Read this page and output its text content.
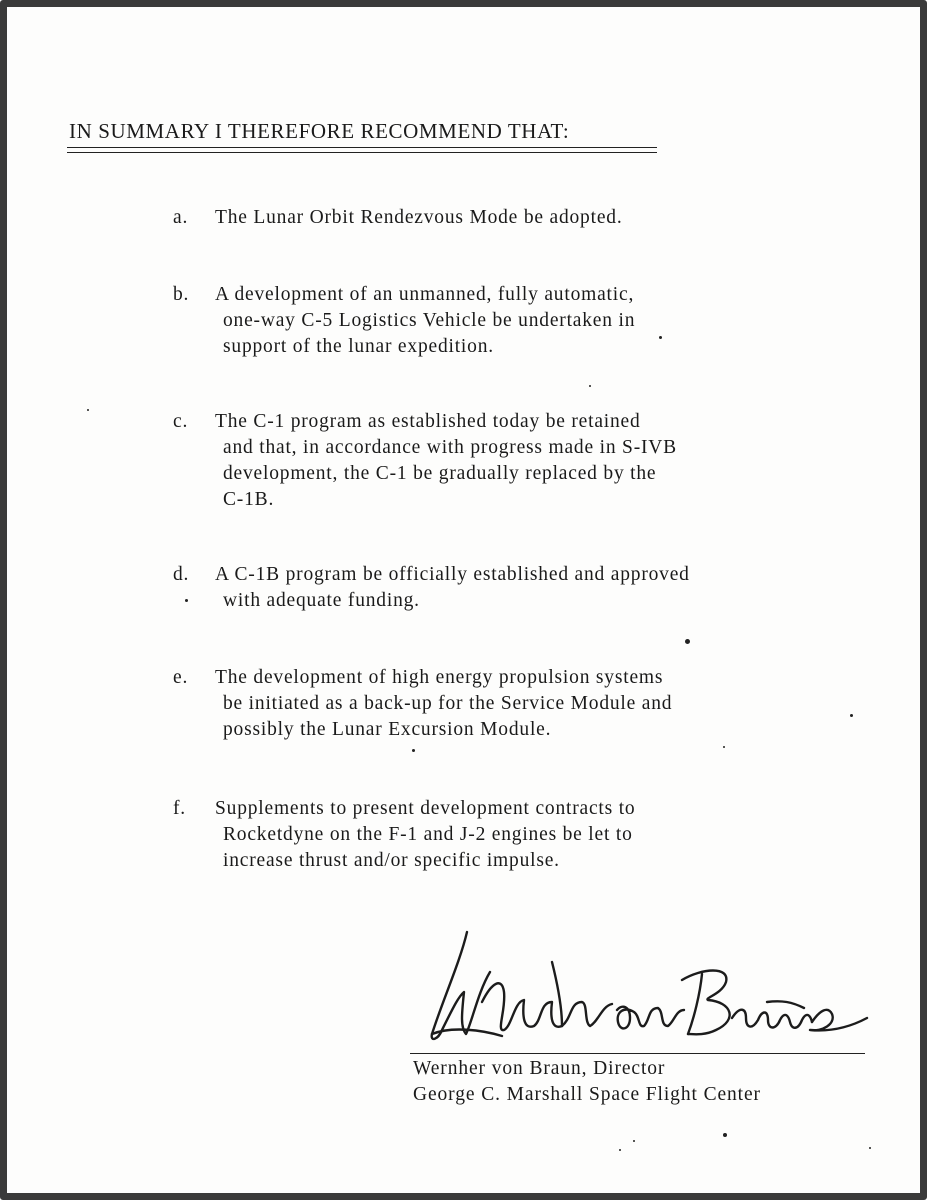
IN SUMMARY I THEREFORE RECOMMEND THAT:
a. The Lunar Orbit Rendezvous Mode be adopted.
b. A development of an unmanned, fully automatic,
one-way C-5 Logistics Vehicle be undertaken in
support of the lunar expedition.
c. The C-1 program as established today be retained
and that, in accordance with progress made in S-IVB
development, the C-1 be gradually replaced by the
C-1B.
d. A C-1B program be officially established and approved
with adequate funding.
e. The development of high energy propulsion systems
be initiated as a back-up for the Service Module and
possibly the Lunar Excursion Module.
f. Supplements to present development contracts to
Rocketdyne on the F-1 and J-2 engines be let to
increase thrust and/or specific impulse.
Wernher von Braun, Director
George C. Marshall Space Flight Center
